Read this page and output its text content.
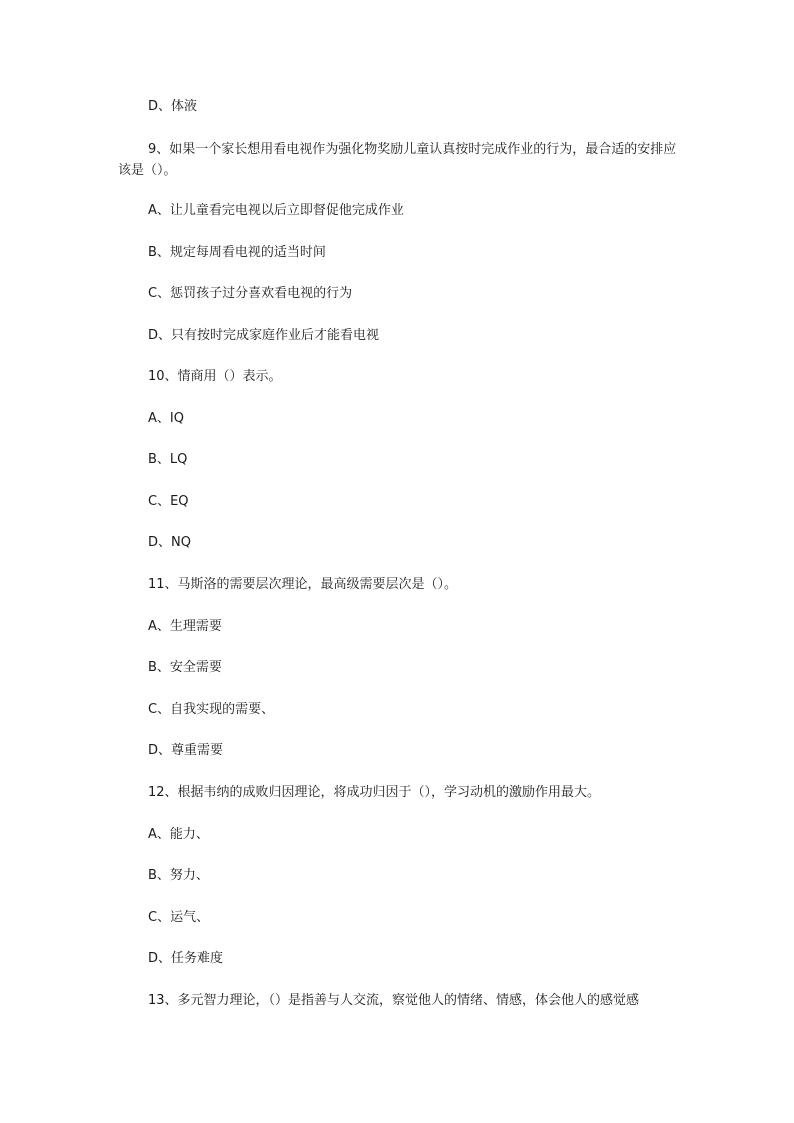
D、体液

9、如果一个家长想用看电视作为强化物奖励儿童认真按时完成作业的行为，最合适的安排应该是（）。

A、让儿童看完电视以后立即督促他完成作业
B、规定每周看电视的适当时间
C、惩罚孩子过分喜欢看电视的行为
D、只有按时完成家庭作业后才能看电视
10、情商用（）表示。
A、IQ
B、LQ
C、EQ
D、NQ
11、马斯洛的需要层次理论，最高级需要层次是（）。
A、生理需要
B、安全需要
C、自我实现的需要、
D、尊重需要
12、根据韦纳的成败归因理论，将成功归因于（），学习动机的激励作用最大。
A、能力、
B、努力、
C、运气、
D、任务难度
13、多元智力理论，（）是指善与人交流，察觉他人的情绪、情感，体会他人的感觉感
